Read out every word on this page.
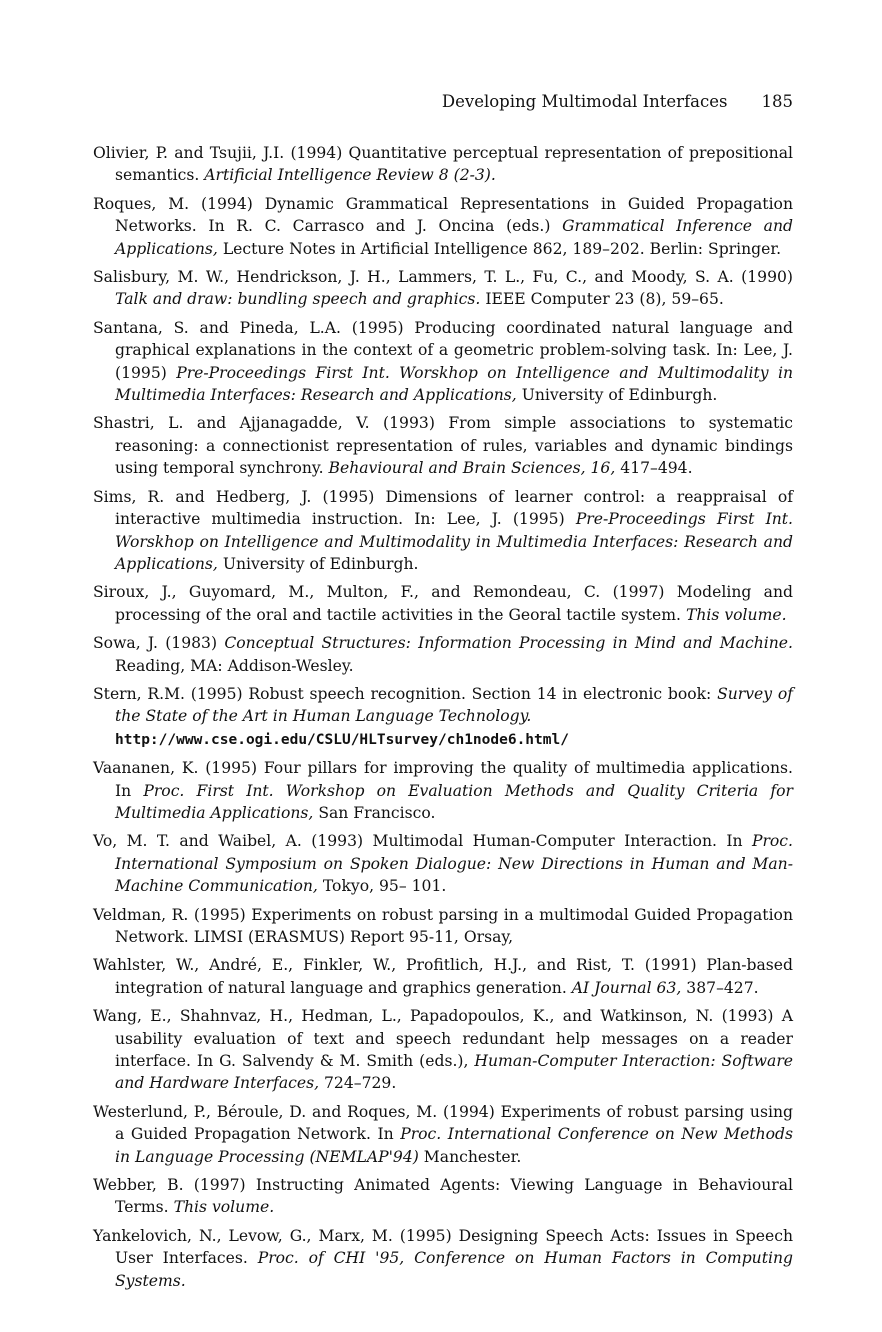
Developing Multimodal Interfaces 185

Olivier, P. and Tsujii, J.I. (1994) Quantitative perceptual representation of prepositional semantics. Artificial Intelligence Review 8 (2-3).

Roques, M. (1994) Dynamic Grammatical Representations in Guided Propagation Networks. In R. C. Carrasco and J. Oncina (eds.) Grammatical Inference and Applications, Lecture Notes in Artificial Intelligence 862, 189–202. Berlin: Springer.

Salisbury, M. W., Hendrickson, J. H., Lammers, T. L., Fu, C., and Moody, S. A. (1990) Talk and draw: bundling speech and graphics. IEEE Computer 23 (8), 59–65.

Santana, S. and Pineda, L.A. (1995) Producing coordinated natural language and graphical explanations in the context of a geometric problem-solving task. In: Lee, J. (1995) Pre-Proceedings First Int. Worskhop on Intelligence and Multimodality in Multimedia Interfaces: Research and Applications, University of Edinburgh.

Shastri, L. and Ajjanagadde, V. (1993) From simple associations to systematic reasoning: a connectionist representation of rules, variables and dynamic bindings using temporal synchrony. Behavioural and Brain Sciences, 16, 417–494.

Sims, R. and Hedberg, J. (1995) Dimensions of learner control: a reappraisal of interactive multimedia instruction. In: Lee, J. (1995) Pre-Proceedings First Int. Worskhop on Intelligence and Multimodality in Multimedia Interfaces: Research and Applications, University of Edinburgh.

Siroux, J., Guyomard, M., Multon, F., and Remondeau, C. (1997) Modeling and processing of the oral and tactile activities in the Georal tactile system. This volume.

Sowa, J. (1983) Conceptual Structures: Information Processing in Mind and Machine. Reading, MA: Addison-Wesley.

Stern, R.M. (1995) Robust speech recognition. Section 14 in electronic book: Survey of the State of the Art in Human Language Technology.
http://www.cse.ogi.edu/CSLU/HLTsurvey/ch1node6.html/

Vaananen, K. (1995) Four pillars for improving the quality of multimedia applications. In Proc. First Int. Workshop on Evaluation Methods and Quality Criteria for Multimedia Applications, San Francisco.

Vo, M. T. and Waibel, A. (1993) Multimodal Human-Computer Interaction. In Proc. International Symposium on Spoken Dialogue: New Directions in Human and Man-Machine Communication, Tokyo, 95– 101.

Veldman, R. (1995) Experiments on robust parsing in a multimodal Guided Propagation Network. LIMSI (ERASMUS) Report 95-11, Orsay,

Wahlster, W., André, E., Finkler, W., Profitlich, H.J., and Rist, T. (1991) Plan-based integration of natural language and graphics generation. AI Journal 63, 387–427.

Wang, E., Shahnvaz, H., Hedman, L., Papadopoulos, K., and Watkinson, N. (1993) A usability evaluation of text and speech redundant help messages on a reader interface. In G. Salvendy & M. Smith (eds.), Human-Computer Interaction: Software and Hardware Interfaces, 724–729.

Westerlund, P., Béroule, D. and Roques, M. (1994) Experiments of robust parsing using a Guided Propagation Network. In Proc. International Conference on New Methods in Language Processing (NEMLAP'94) Manchester.

Webber, B. (1997) Instructing Animated Agents: Viewing Language in Behavioural Terms. This volume.

Yankelovich, N., Levow, G., Marx, M. (1995) Designing Speech Acts: Issues in Speech User Interfaces. Proc. of CHI '95, Conference on Human Factors in Computing Systems.
